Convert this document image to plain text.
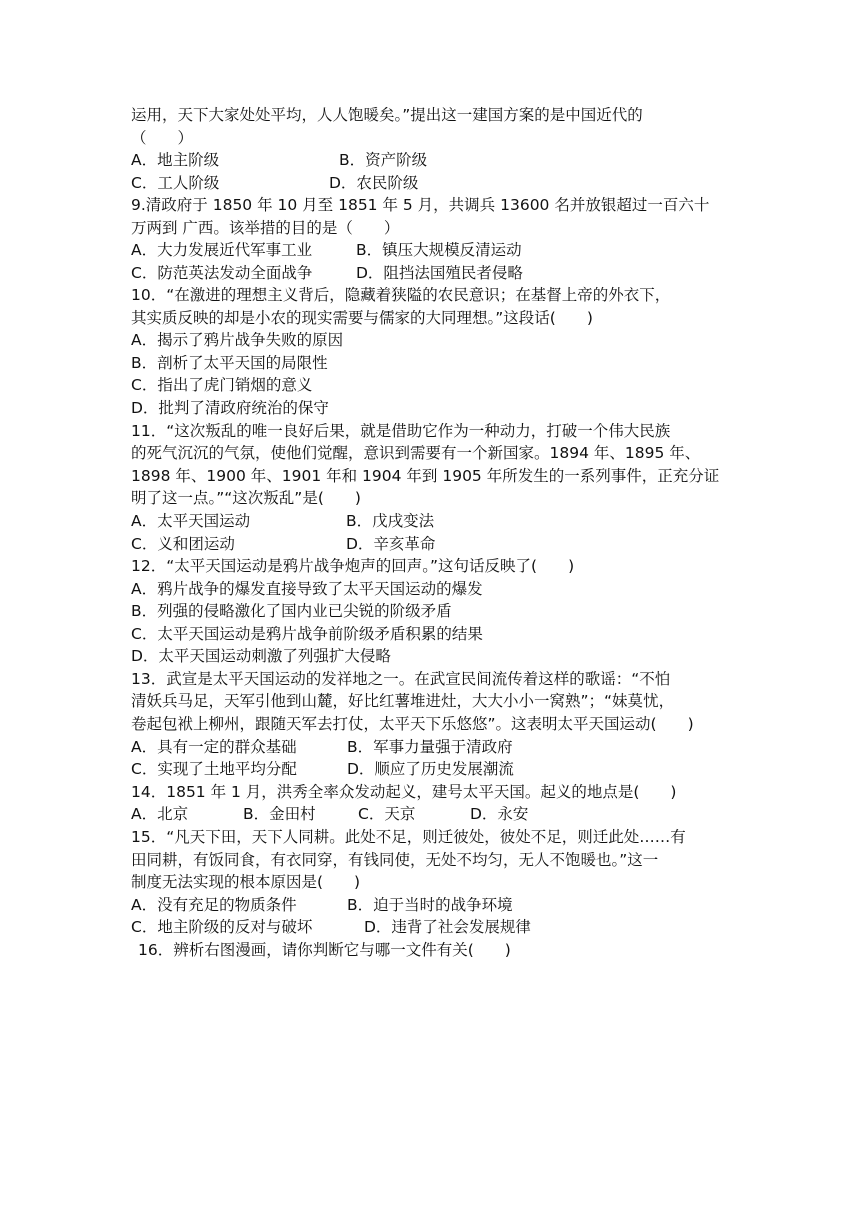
运用，天下大家处处平均，人人饱暖矣。”提出这一建国方案的是中国近代的
（　　）
A．地主阶级	B．资产阶级
C．工人阶级	D．农民阶级
9.清政府于 1850 年 10 月至 1851 年 5 月，共调兵 13600 名并放银超过一百六十
万两到 广西。该举措的目的是（　　）
A．大力发展近代军事工业	B．镇压大规模反清运动
C．防范英法发动全面战争	D．阻挡法国殖民者侵略
10．“在激进的理想主义背后，隐藏着狭隘的农民意识；在基督上帝的外衣下，
其实质反映的却是小农的现实需要与儒家的大同理想。”这段话(　　)
A．揭示了鸦片战争失败的原因
B．剖析了太平天国的局限性
C．指出了虎门销烟的意义
D．批判了清政府统治的保守
11．“这次叛乱的唯一良好后果，就是借助它作为一种动力，打破一个伟大民族
的死气沉沉的气氛，使他们觉醒，意识到需要有一个新国家。1894 年、1895 年、
1898 年、1900 年、1901 年和 1904 年到 1905 年所发生的一系列事件，正充分证
明了这一点。”“这次叛乱”是(　　)
A．太平天国运动	B．戊戌变法
C．义和团运动	D．辛亥革命
12．“太平天国运动是鸦片战争炮声的回声。”这句话反映了(　　)
A．鸦片战争的爆发直接导致了太平天国运动的爆发
B．列强的侵略激化了国内业已尖锐的阶级矛盾
C．太平天国运动是鸦片战争前阶级矛盾积累的结果
D．太平天国运动刺激了列强扩大侵略
13．武宣是太平天国运动的发祥地之一。在武宣民间流传着这样的歌谣：“不怕
清妖兵马足，天军引他到山麓，好比红薯堆进灶，大大小小一窝熟”；“妹莫忧，
卷起包袱上柳州，跟随天军去打仗，太平天下乐悠悠”。这表明太平天国运动(　　)
A．具有一定的群众基础	B．军事力量强于清政府
C．实现了土地平均分配	D．顺应了历史发展潮流
14．1851 年 1 月，洪秀全率众发动起义，建号太平天国。起义的地点是(　　)
A．北京	B．金田村	C．天京	D．永安
15．“凡天下田，天下人同耕。此处不足，则迁彼处，彼处不足，则迁此处……有
田同耕，有饭同食，有衣同穿，有钱同使，无处不均匀，无人不饱暖也。”这一
制度无法实现的根本原因是(　　)
A．没有充足的物质条件	B．迫于当时的战争环境
C．地主阶级的反对与破坏	D．违背了社会发展规律
16．辨析右图漫画，请你判断它与哪一文件有关(　　)
